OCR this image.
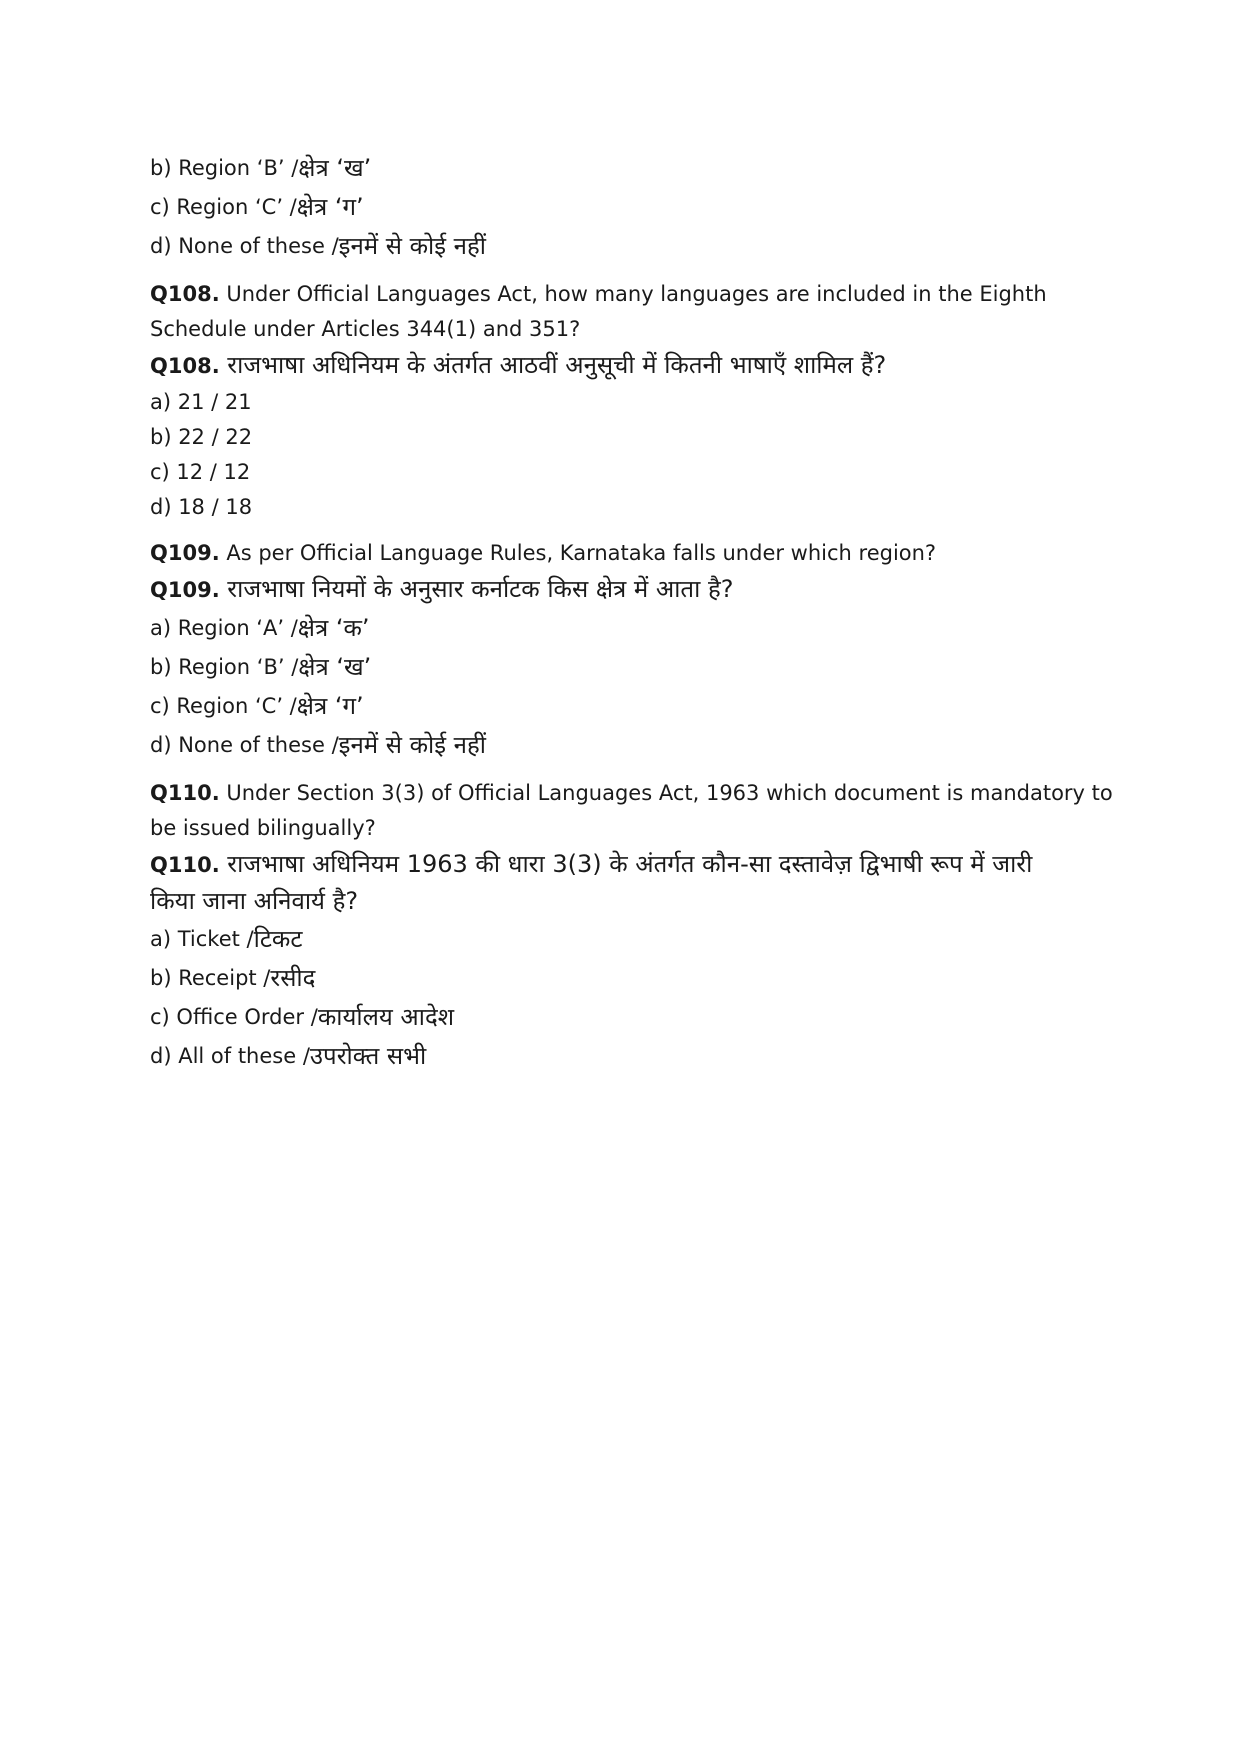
b) Region ‘B’ / क्षेत्र ‘ख’
c) Region ‘C’ / क्षेत्र ‘ग’
d) None of these / इनमें से कोई नहीं
Q108. Under Official Languages Act, how many languages are included in the Eighth
Schedule under Articles 344(1) and 351?
Q108. राजभाषा अधिनियम के अंतर्गत आठवीं अनुसूची में कितनी भाषाएँ शामिल हैं?
a) 21 / 21
b) 22 / 22
c) 12 / 12
d) 18 / 18
Q109. As per Official Language Rules, Karnataka falls under which region?
Q109. राजभाषा नियमों के अनुसार कर्नाटक किस क्षेत्र में आता है?
a) Region ‘A’ / क्षेत्र ‘क’
b) Region ‘B’ / क्षेत्र ‘ख’
c) Region ‘C’ / क्षेत्र ‘ग’
d) None of these / इनमें से कोई नहीं
Q110. Under Section 3(3) of Official Languages Act, 1963 which document is mandatory to
be issued bilingually?
Q110. राजभाषा अधिनियम 1963 की धारा 3(3) के अंतर्गत कौन-सा दस्तावेज़ द्विभाषी रूप में जारी
किया जाना अनिवार्य है?
a) Ticket / टिकट
b) Receipt / रसीद
c) Office Order / कार्यालय आदेश
d) All of these / उपरोक्त सभी
